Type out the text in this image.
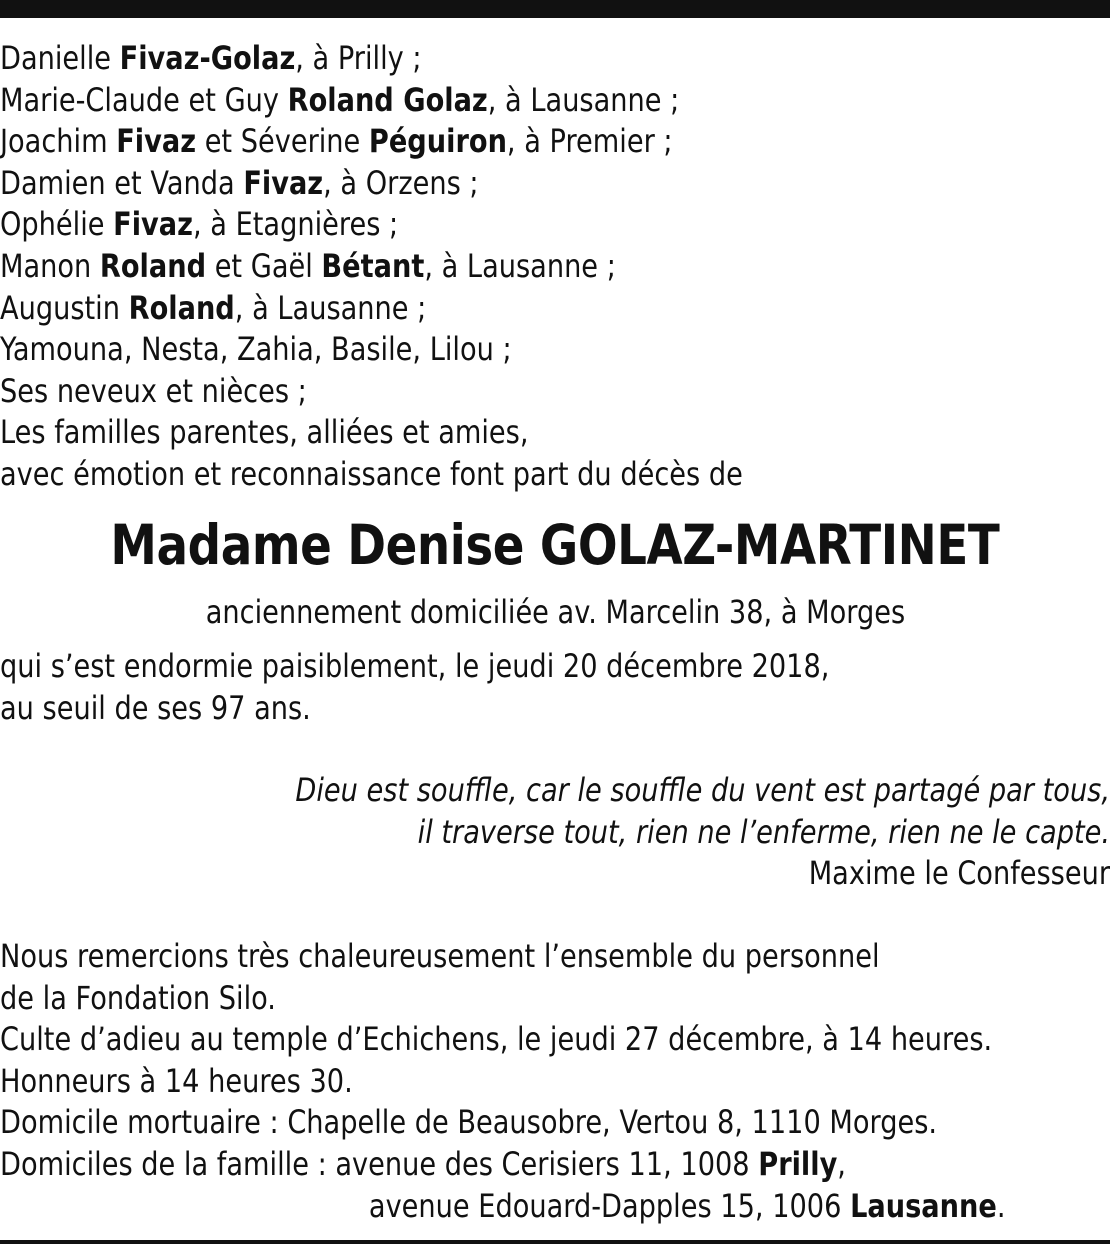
Danielle Fivaz-Golaz, à Prilly ;
Marie-Claude et Guy Roland Golaz, à Lausanne ;
Joachim Fivaz et Séverine Péguiron, à Premier ;
Damien et Vanda Fivaz, à Orzens ;
Ophélie Fivaz, à Etagnières ;
Manon Roland et Gaël Bétant, à Lausanne ;
Augustin Roland, à Lausanne ;
Yamouna, Nesta, Zahia, Basile, Lilou ;
Ses neveux et nièces ;
Les familles parentes, alliées et amies,
avec émotion et reconnaissance font part du décès de
Madame Denise GOLAZ-MARTINET
anciennement domiciliée av. Marcelin 38, à Morges
qui s’est endormie paisiblement, le jeudi 20 décembre 2018,
au seuil de ses 97 ans.
Dieu est souffle, car le souffle du vent est partagé par tous,
il traverse tout, rien ne l’enferme, rien ne le capte.
Maxime le Confesseur
Nous remercions très chaleureusement l’ensemble du personnel
de la Fondation Silo.
Culte d’adieu au temple d’Echichens, le jeudi 27 décembre, à 14 heures.
Honneurs à 14 heures 30.
Domicile mortuaire : Chapelle de Beausobre, Vertou 8, 1110 Morges.
Domiciles de la famille : avenue des Cerisiers 11, 1008 Prilly,
avenue Edouard-Dapples 15, 1006 Lausanne.
